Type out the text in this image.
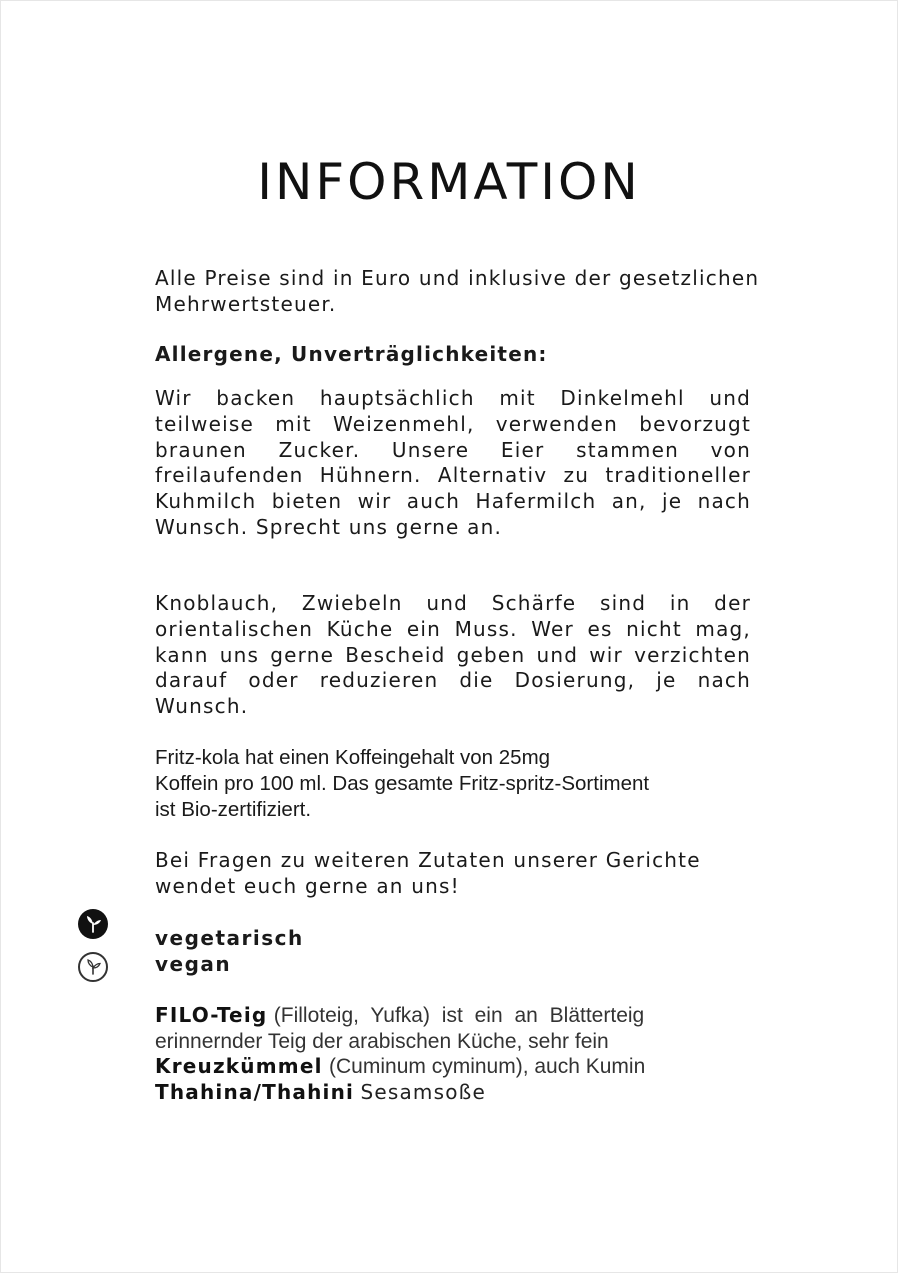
INFORMATION

Alle Preise sind in Euro und inklusive der gesetzlichen Mehrwertsteuer.

Allergene, Unverträglichkeiten:

Wir backen hauptsächlich mit Dinkelmehl und teilweise mit Weizenmehl, verwenden bevorzugt braunen Zucker. Unsere Eier stammen von freilaufenden Hühnern. Alternativ zu traditioneller Kuhmilch bieten wir auch Hafermilch an, je nach Wunsch. Sprecht uns gerne an.

Knoblauch, Zwiebeln und Schärfe sind in der orientalischen Küche ein Muss. Wer es nicht mag, kann uns gerne Bescheid geben und wir verzichten darauf oder reduzieren die Dosierung, je nach Wunsch.

Fritz-kola hat einen Koffeingehalt von 25mg
Koffein pro 100 ml. Das gesamte Fritz-spritz-Sortiment
ist Bio-zertifiziert.

Bei Fragen zu weiteren Zutaten unserer Gerichte wendet euch gerne an uns!

vegetarisch

vegan

FILO-Teig (Filloteig, Yufka) ist ein an Blätterteig
erinnernder Teig der arabischen Küche, sehr fein
Kreuzkümmel (Cuminum cyminum), auch Kumin
Thahina/Thahini Sesamsoße
